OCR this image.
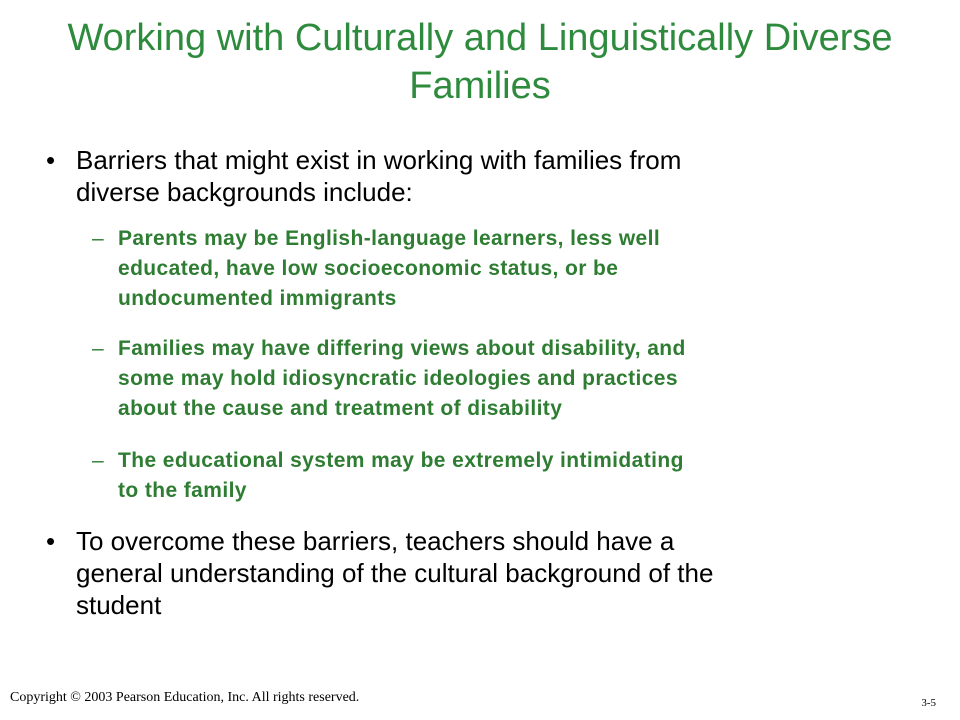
Working with Culturally and Linguistically Diverse
Families
• Barriers that might exist in working with families from
diverse backgrounds include:
– Parents may be English-language learners, less well
educated, have low socioeconomic status, or be
undocumented immigrants
– Families may have differing views about disability, and
some may hold idiosyncratic ideologies and practices
about the cause and treatment of disability
– The educational system may be extremely intimidating
to the family
• To overcome these barriers, teachers should have a
general understanding of the cultural background of the
student
Copyright © 2003 Pearson Education, Inc. All rights reserved.	3-5
